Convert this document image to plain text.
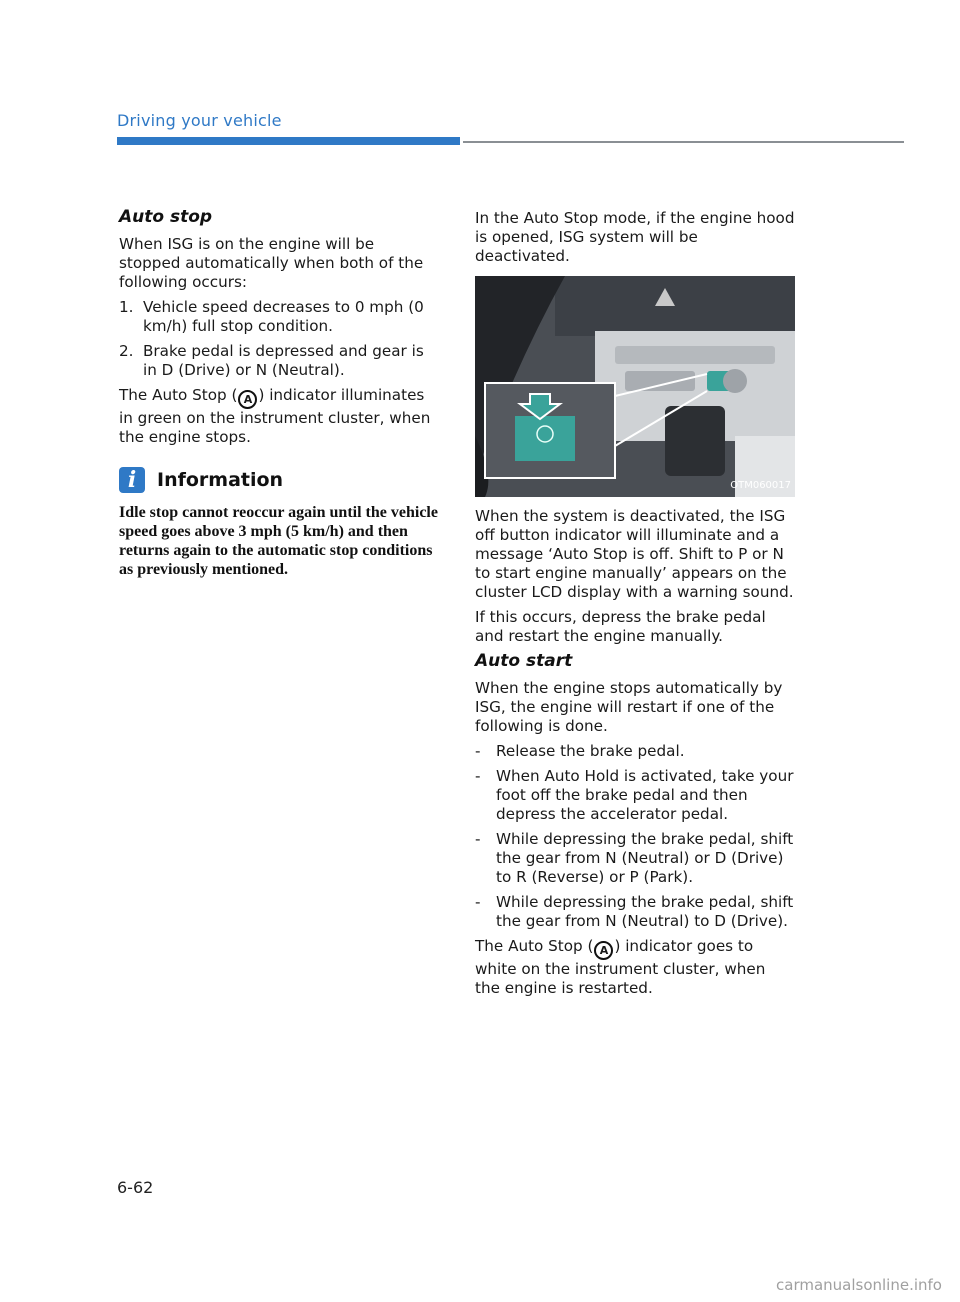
Driving your vehicle
Auto stop

When ISG is on the engine will be stopped automatically when both of the following occurs:

1. Vehicle speed decreases to 0 mph (0 km/h) full stop condition.
2. Brake pedal is depressed and gear is in D (Drive) or N (Neutral).

The Auto Stop ( A ) indicator illuminates in green on the instrument cluster, when the engine stops.

i	Information
Idle stop cannot reoccur again until the vehicle speed goes above 3 mph (5 km/h) and then returns again to the automatic stop conditions as previously mentioned.

In the Auto Stop mode, if the engine hood is opened, ISG system will be deactivated.

OTM060017

When the system is deactivated, the ISG off button indicator will illuminate and a message ‘Auto Stop is off. Shift to P or N to start engine manually’ appears on the cluster LCD display with a warning sound.

If this occurs, depress the brake pedal and restart the engine manually.

Auto start

When the engine stops automatically by ISG, the engine will restart if one of the following is done.

-	Release the brake pedal.
-	When Auto Hold is activated, take your foot off the brake pedal and then depress the accelerator pedal.
-	While depressing the brake pedal, shift the gear from N (Neutral) or D (Drive) to R (Reverse) or P (Park).
-	While depressing the brake pedal, shift the gear from N (Neutral) to D (Drive).

The Auto Stop ( A ) indicator goes to white on the instrument cluster, when the engine is restarted.

6-62
carmanualsonline.info
